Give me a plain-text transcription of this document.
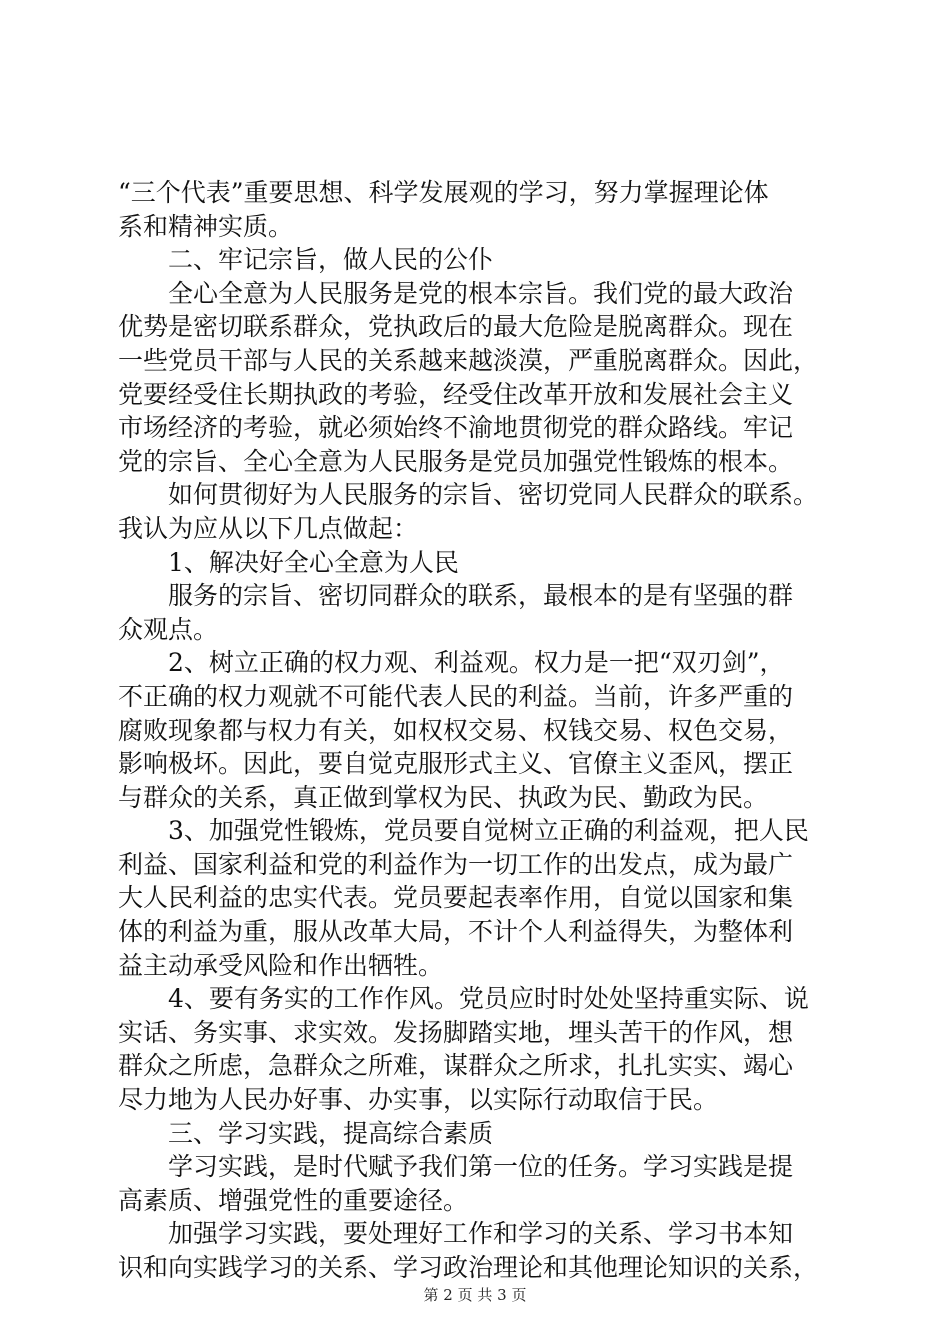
“三个代表”重要思想、科学发展观的学习，努力掌握理论体
系和精神实质。
　　二、牢记宗旨，做人民的公仆
　　全心全意为人民服务是党的根本宗旨。我们党的最大政治
优势是密切联系群众，党执政后的最大危险是脱离群众。现在
一些党员干部与人民的关系越来越淡漠，严重脱离群众。因此，
党要经受住长期执政的考验，经受住改革开放和发展社会主义
市场经济的考验，就必须始终不渝地贯彻党的群众路线。牢记
党的宗旨、全心全意为人民服务是党员加强党性锻炼的根本。
　　如何贯彻好为人民服务的宗旨、密切党同人民群众的联系。
我认为应从以下几点做起：
　　1、解决好全心全意为人民
　　服务的宗旨、密切同群众的联系，最根本的是有坚强的群
众观点。
　　2、树立正确的权力观、利益观。权力是一把“双刃剑”，
不正确的权力观就不可能代表人民的利益。当前，许多严重的
腐败现象都与权力有关，如权权交易、权钱交易、权色交易，
影响极坏。因此，要自觉克服形式主义、官僚主义歪风，摆正
与群众的关系，真正做到掌权为民、执政为民、勤政为民。
　　3、加强党性锻炼，党员要自觉树立正确的利益观，把人民
利益、国家利益和党的利益作为一切工作的出发点，成为最广
大人民利益的忠实代表。党员要起表率作用，自觉以国家和集
体的利益为重，服从改革大局，不计个人利益得失，为整体利
益主动承受风险和作出牺牲。
　　4、要有务实的工作作风。党员应时时处处坚持重实际、说
实话、务实事、求实效。发扬脚踏实地，埋头苦干的作风，想
群众之所虑，急群众之所难，谋群众之所求，扎扎实实、竭心
尽力地为人民办好事、办实事，以实际行动取信于民。
　　三、学习实践，提高综合素质
　　学习实践，是时代赋予我们第一位的任务。学习实践是提
高素质、增强党性的重要途径。
　　加强学习实践，要处理好工作和学习的关系、学习书本知
识和向实践学习的关系、学习政治理论和其他理论知识的关系，
第 2 页 共 3 页
